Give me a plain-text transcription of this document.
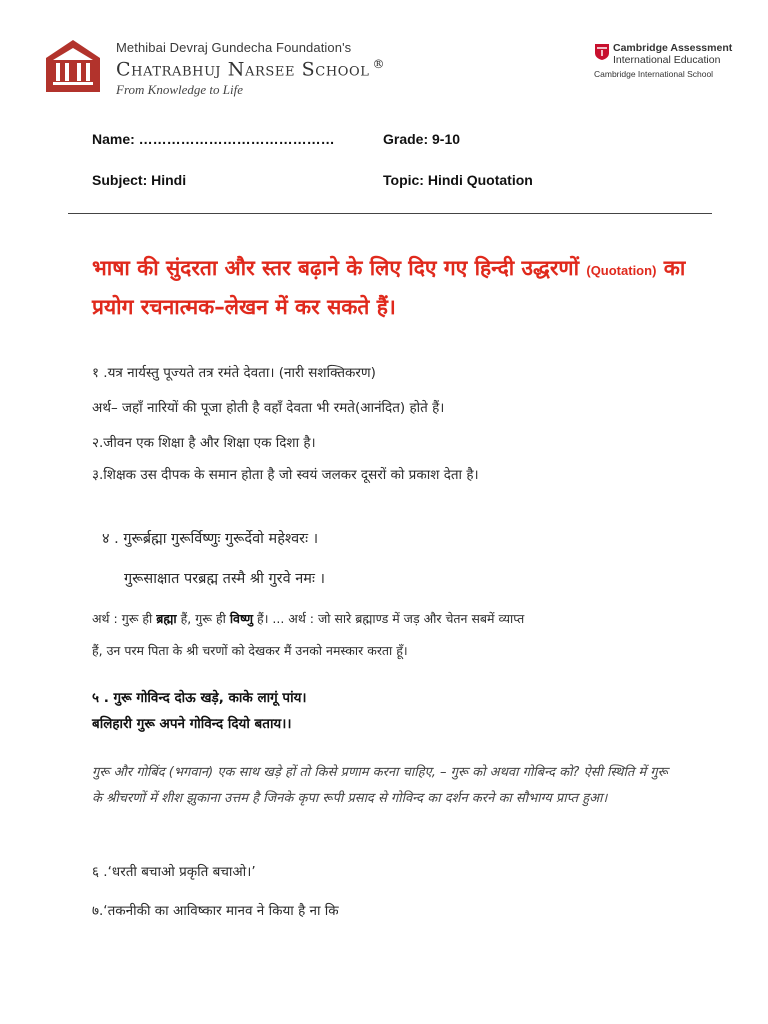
Methibai Devraj Gundecha Foundation's
Chatrabhuj Narsee School ®
From Knowledge to Life
Cambridge Assessment
International Education
Cambridge International School
Name: ……………………………………	Grade: 9-10
Subject: Hindi	Topic: Hindi Quotation
भाषा की सुंदरता और स्तर बढ़ाने के लिए दिए गए हिन्दी उद्धरणों (Quotation) का प्रयोग रचनात्मक–लेखन में कर सकते हैं।
१ .यत्र नार्यस्तु पूज्यते तत्र रमंते देवता। (नारी सशक्तिकरण)
अर्थ– जहाँ नारियों की पूजा होती है वहाँ देवता भी रमते(आनंदित) होते हैं।
२.जीवन एक शिक्षा है और शिक्षा एक दिशा है।
३.शिक्षक उस दीपक के समान होता है जो स्वयं जलकर दूसरों को प्रकाश देता है।
४ . गुरूर्ब्रह्मा गुरूर्विष्णुः गुरूर्देवो महेश्वरः ।
गुरूसाक्षात परब्रह्म तस्मै श्री गुरवे नमः ।
अर्थ : गुरू ही ब्रह्मा हैं, गुरू ही विष्णु हैं। ... अर्थ : जो सारे ब्रह्माण्ड में जड़ और चेतन सबमें व्याप्त
हैं, उन परम पिता के श्री चरणों को देखकर मैं उनको नमस्कार करता हूँ।
५ . गुरू गोविन्द दोऊ खड़े, काके लागूं पांय।
बलिहारी गुरू अपने गोविन्द दियो बताय।।
गुरू और गोबिंद (भगवान) एक साथ खड़े हों तो किसे प्रणाम करना चाहिए, – गुरू को अथवा गोबिन्द को? ऐसी स्थिति में गुरू के श्रीचरणों में शीश झुकाना उत्तम है जिनके कृपा रूपी प्रसाद से गोविन्द का दर्शन करने का सौभाग्य प्राप्त हुआ।
६ .‘धरती बचाओ प्रकृति बचाओ।’
७.‘तकनीकी का आविष्कार मानव ने किया है ना कि
